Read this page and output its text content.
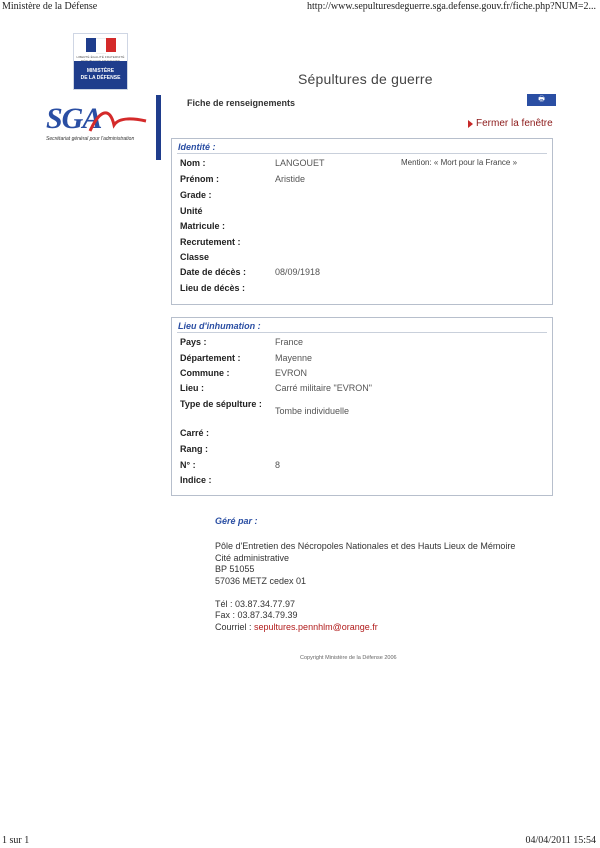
Ministère de la Défense	http://www.sepulturesdeguerre.sga.defense.gouv.fr/fiche.php?NUM=2...
LIBERTÉ ÉGALITÉ FRATERNITÉ
MINISTÈRE
DE LA DÉFENSE	Sépultures de guerre
SGA
Secrétariat général pour l'administration
Fiche de renseignements	🖶
Fermer la fenêtre
Identité :
Mention: « Mort pour la France »
Nom :	LANGOUET
Prénom :	Aristide
Grade :
Unité
Matricule :
Recrutement :
Classe
Date de décès :	08/09/1918
Lieu de décès :
Lieu d'inhumation :
Pays :	France
Département :	Mayenne
Commune :	EVRON
Lieu :	Carré militaire "EVRON"
Type de sépulture :
Tombe individuelle
Carré :
Rang :
N° :	8
Indice :
Géré par :
Pôle d'Entretien des Nécropoles Nationales et des Hauts Lieux de Mémoire
Cité administrative
BP 51055
57036 METZ cedex 01
Tél : 03.87.34.77.97
Fax : 03.87.34.79.39
Courriel : sepultures.pennhlm@orange.fr
Copyright Ministère de la Défense 2006
1 sur 1	04/04/2011 15:54
